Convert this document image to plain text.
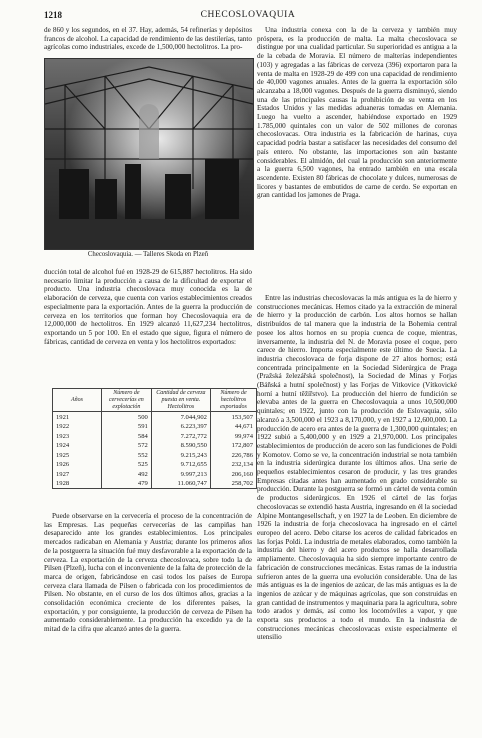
1218	CHECOSLOVAQUIA

de 860 y los segundos, en el 37. Hay, además, 54 refinerías y depósitos francos de alcohol. La capacidad de rendimiento de las destilerías, tanto agrícolas como industriales, excede de 1,500,000 hectolitros. La pro-

Checoslovaquia. — Talleres Skoda en Plzeň

ducción total de alcohol fué en 1928-29 de 615,887 hectolitros. Ha sido necesario limitar la producción a causa de la dificultad de exportar el producto. Una industria checoslovaca muy conocida es la de elaboración de cerveza, que cuenta con varios establecimientos creados especialmente para la exportación. Antes de la guerra la producción de cerveza en los territorios que forman hoy Checoslovaquia era de 12,000,000 de hectolitros. En 1929 alcanzó 11,627,234 hectolitros, exportando un 5 por 100. En el estado que sigue, figura el número de fábricas, cantidad de cerveza en venta y los hectolitros exportados:

Años	Número de cervecerías en explotación	Cantidad de cerveza puesta en venta. Hectolitros	Número de hectolitros exportados
1921	500	7.044,902	153,507
1922	591	6.223,397	44,671
1923	584	7.272,772	99,974
1924	572	8.590,550	172,807
1925	552	9.215,243	226,786
1926	525	9.712,655	232,134
1927	492	9.997,213	206,160
1928	479	11.060,747	258,702

Puede observarse en la cervecería el proceso de la concentración de las Empresas. Las pequeñas cervecerías de las campiñas han desaparecido ante los grandes establecimientos. Los principales mercados radicaban en Alemania y Austria; durante los primeros años de la postguerra la situación fué muy desfavorable a la exportación de la cerveza. La exportación de la cerveza checoslovaca, sobre todo la de Pilsen (Plzeň), lucha con el inconveniente de la falta de protección de la marca de origen, fabricándose en casi todos los países de Europa cerveza clara llamada de Pilsen o fabricada con los procedimientos de Pilsen. No obstante, en el curso de los dos últimos años, gracias a la consolidación económica creciente de los diferentes países, la exportación, y por consiguiente, la producción de cerveza de Pilsen ha aumentado considerablemente. La producción ha excedido ya de la mitad de la cifra que alcanzó antes de la guerra.

Una industria conexa con la de la cerveza y también muy próspera, es la producción de malta. La malta checoslovaca se distingue por una cualidad particular. Su superioridad es antigua a la de la cebada de Moravia. El número de malterías independientes (103) y agregadas a las fábricas de cerveza (396) exportaron para la venta de malta en 1928-29 de 499 con una capacidad de rendimiento de 40,000 vagones anuales. Antes de la guerra la exportación sólo alcanzaba a 18,000 vagones. Después de la guerra disminuyó, siendo una de las principales causas la prohibición de su venta en los Estados Unidos y las medidas aduaneras tomadas en Alemania. Luego ha vuelto a ascender, habiéndose exportado en 1929 1.785,000 quintales con un valor de 502 millones de coronas checoslovacas. Otra industria es la fabricación de harinas, cuya capacidad podría bastar a satisfacer las necesidades del consumo del país entero. No obstante, las importaciones son aún bastante considerables. El almidón, del cual la producción son anteriormente a la guerra 6,500 vagones, ha entrado también en una escala ascendente. Existen 80 fábricas de chocolate y dulces, numerosas de licores y bastantes de embutidos de carne de cerdo. Se exportan en gran cantidad los jamones de Praga.

Entre las industrias checoslovacas la más antigua es la de hierro y construcciones mecánicas. Hemos citado ya la extracción de mineral de hierro y la producción de carbón. Los altos hornos se hallan distribuídos de tal manera que la industria de la Bohemia central posee los altos hornos en su propia cuenca de coque, mientras, inversamente, la industria del N. de Moravia posee el coque, pero carece de hierro. Importa especialmente este último de Suecia. La industria checoslovaca de forja dispone de 27 altos hornos; está concentrada principalmente en la Sociedad Siderúrgica de Praga (Pražská železářská společnost), la Sociedad de Minas y Forjas (Báňská a hutní společnost) y las Forjas de Vitkovice (Vítkovické horní a hutní těžířstvo). La producción del hierro de fundición se elevaba antes de la guerra en Checoslovaquia a unos 10,500,000 quintales; en 1922, junto con la producción de Eslovaquia, sólo alcanzó a 3,500,000 el 1923 a 8,170,000, y en 1927 a 12,600,000. La producción de acero era antes de la guerra de 1,300,000 quintales; en 1922 subió a 5,400,000 y en 1929 a 21,970,000. Los principales establecimientos de producción de acero son las fundiciones de Poldi y Komotov. Como se ve, la concentración industrial se nota también en la industria siderúrgica durante los últimos años. Una serie de pequeños establecimientos cesaron de producir, y las tres grandes Empresas citadas antes han aumentado en grado considerable su producción. Durante la postguerra se formó un cártel de venta común de productos siderúrgicos. En 1926 el cártel de las forjas checoslovacas se extendió hasta Austria, ingresando en él la sociedad Alpine Montangesellschaft, y en 1927 la de Leoben. En diciembre de 1926 la industria de forja checoslovaca ha ingresado en el cártel europeo del acero. Debo citarse los aceros de calidad fabricados en las forjas Poldi. La industria de metales elaborados, como también la industria del hierro y del acero productos se halla desarrollada ampliamente. Checoslovaquia ha sido siempre importante centro de fabricación de construcciones mecánicas. Estas ramas de la industria sufrieron antes de la guerra una evolución considerable. Una de las más antiguas es la de ingenios de azúcar, de las más antiguas es la de ingenios de azúcar y de máquinas agrícolas, que son construidas en gran cantidad de instrumentos y maquinaria para la agricultura, sobre todo arados y demás, así como los locomóviles a vapor, y que exporta sus productos a todo el mundo. En la industria de construcciones mecánicas checoslovacas existe especialmente el utensilio
